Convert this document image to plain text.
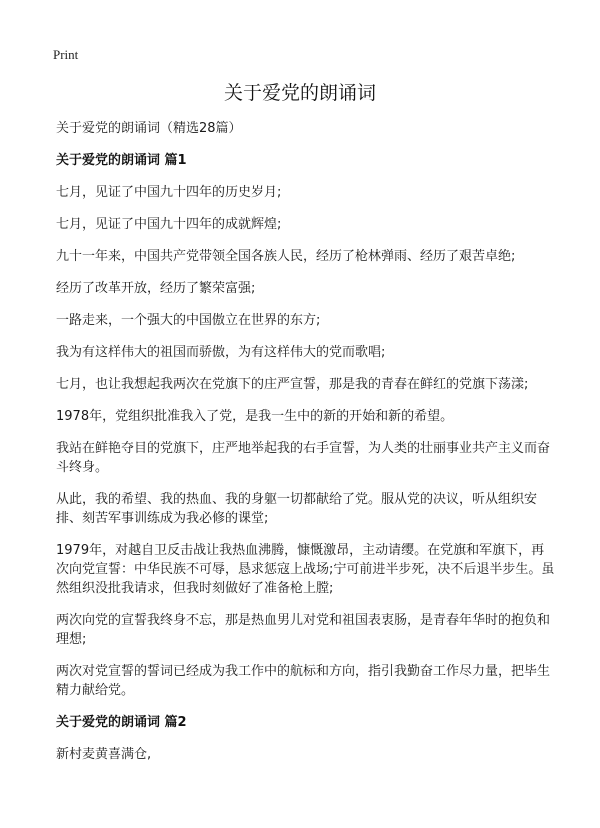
Print
关于爱党的朗诵词

关于爱党的朗诵词（精选28篇）

关于爱党的朗诵词 篇1

七月，见证了中国九十四年的历史岁月;

七月，见证了中国九十四年的成就辉煌;

九十一年来，中国共产党带领全国各族人民，经历了枪林弹雨、经历了艰苦卓绝;

经历了改革开放，经历了繁荣富强;

一路走来，一个强大的中国傲立在世界的东方;

我为有这样伟大的祖国而骄傲，为有这样伟大的党而歌唱;

七月，也让我想起我两次在党旗下的庄严宣誓，那是我的青春在鲜红的党旗下荡漾;

1978年，党组织批准我入了党，是我一生中的新的开始和新的希望。

我站在鲜艳夺目的党旗下，庄严地举起我的右手宣誓，为人类的壮丽事业共产主义而奋斗终身。

从此，我的希望、我的热血、我的身躯一切都献给了党。服从党的决议，听从组织安排、刻苦军事训练成为我必修的课堂;

1979年，对越自卫反击战让我热血沸腾，慷慨激昂，主动请缨。在党旗和军旗下，再次向党宣誓：中华民族不可辱，恳求惩寇上战场;宁可前进半步死，决不后退半步生。虽然组织没批我请求，但我时刻做好了准备枪上膛;

两次向党的宣誓我终身不忘，那是热血男儿对党和祖国表衷肠，是青春年华时的抱负和理想;

两次对党宣誓的誓词已经成为我工作中的航标和方向，指引我勤奋工作尽力量，把毕生精力献给党。

关于爱党的朗诵词 篇2

新村麦黄喜满仓,
